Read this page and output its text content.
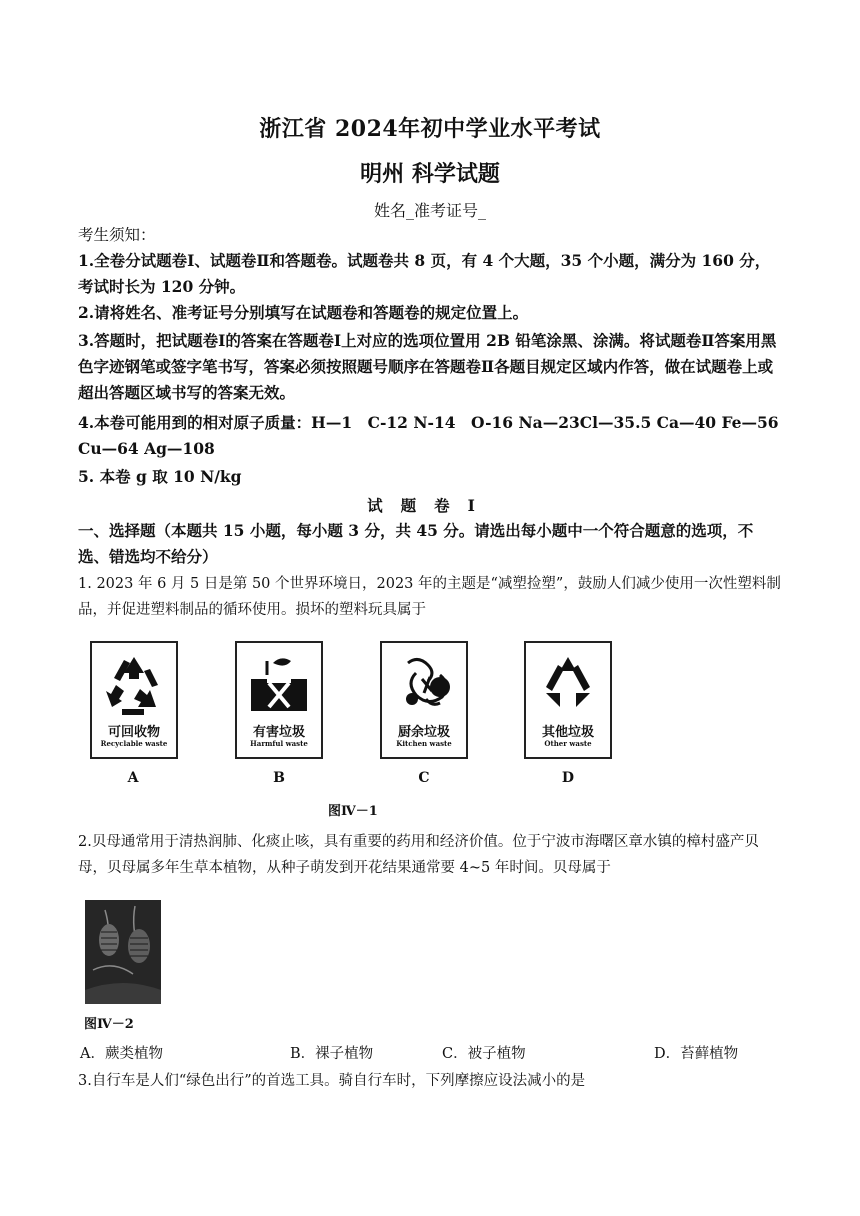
浙江省 2024年初中学业水平考试
明州 科学试题
姓名_准考证号_
考生须知：
1.全卷分试题卷Ⅰ、试题卷Ⅱ和答题卷。试题卷共 8 页，有 4 个大题，35 个小题，满分为 160 分，考试时长为 120 分钟。
2.请将姓名、准考证号分别填写在试题卷和答题卷的规定位置上。
3.答题时，把试题卷Ⅰ的答案在答题卷Ⅰ上对应的选项位置用 2B 铅笔涂黑、涂满。将试题卷Ⅱ答案用黑色字迹钢笔或签字笔书写，答案必须按照题号顺序在答题卷Ⅱ各题目规定区域内作答，做在试题卷上或超出答题区域书写的答案无效。
4.本卷可能用到的相对原子质量：H—1　C-12 N-14　O-16 Na—23Cl—35.5 Ca—40 Fe—56 Cu—64 Ag—108
5. 本卷 g 取 10 N/kg
试题卷I
一、选择题（本题共 15 小题，每小题 3 分，共 45 分。请选出每小题中一个符合题意的选项，不选、错选均不给分）
1. 2023 年 6 月 5 日是第 50 个世界环境日，2023 年的主题是“减塑捡塑”，鼓励人们减少使用一次性塑料制品，并促进塑料制品的循环使用。损坏的塑料玩具属于
可回收物
Recyclable waste
有害垃圾
Harmful waste
厨余垃圾
Kitchen waste
其他垃圾
Other waste
A	B	C	D
图Ⅳ－1
2.贝母通常用于清热润肺、化痰止咳，具有重要的药用和经济价值。位于宁波市海曙区章水镇的樟村盛产贝母，贝母属多年生草本植物，从种子萌发到开花结果通常要 4~5 年时间。贝母属于
图Ⅳ－2
A．蕨类植物	B．裸子植物	C．被子植物	D．苔藓植物
3.自行车是人们“绿色出行”的首选工具。骑自行车时，下列摩擦应设法减小的是
